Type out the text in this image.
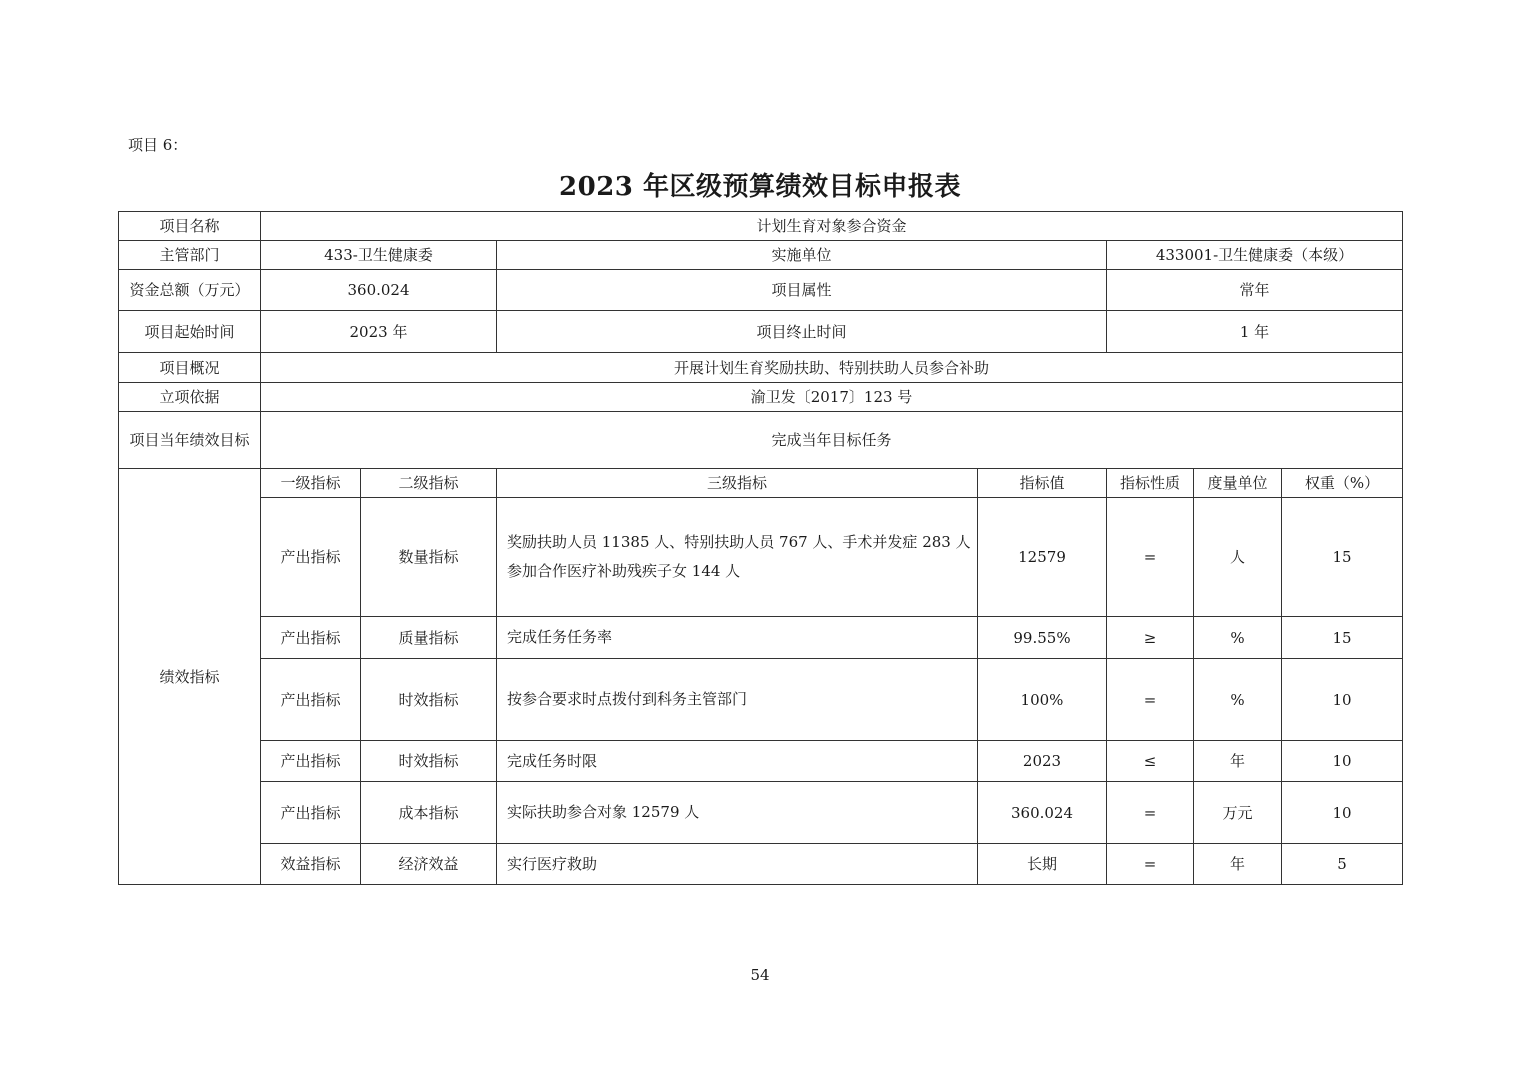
项目 6：
2023 年区级预算绩效目标申报表
项目名称	计划生育对象参合资金						
主管部门	433-卫生健康委		实施单位		433001-卫生健康委（本级）		
资金总额（万元）	360.024		项目属性		常年		
项目起始时间	2023 年		项目终止时间		1 年		
项目概况	开展计划生育奖励扶助、特别扶助人员参合补助						
立项依据	渝卫发〔2017〕123 号						
项目当年绩效目标	完成当年目标任务						
绩效指标	一级指标	二级指标	三级指标	指标值	指标性质	度量单位	权重（%）
	产出指标	数量指标	奖励扶助人员 11385 人、特别扶助人员 767 人、手术并发症 283 人参加合作医疗补助残疾子女 144 人	12579	=	人	15
	产出指标	质量指标	完成任务任务率	99.55%	≥	%	15
	产出指标	时效指标	按参合要求时点拨付到科务主管部门	100%	=	%	10
	产出指标	时效指标	完成任务时限	2023	≤	年	10
	产出指标	成本指标	实际扶助参合对象 12579 人	360.024	=	万元	10
	效益指标	经济效益	实行医疗救助	长期	=	年	5
54
